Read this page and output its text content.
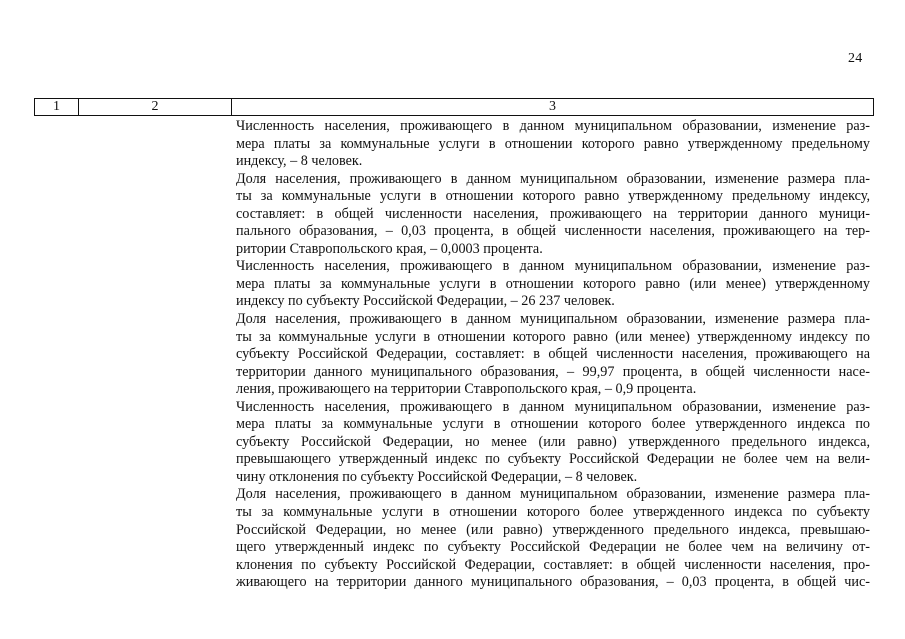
24
1	2	3

Численность населения, проживающего в данном муниципальном образовании, изменение раз-
мера платы за коммунальные услуги в отношении которого равно утвержденному предельному
индексу, – 8 человек.

Доля населения, проживающего в данном муниципальном образовании, изменение размера пла-
ты за коммунальные услуги в отношении которого равно утвержденному предельному индексу,
составляет: в общей численности населения, проживающего на территории данного муници-
пального образования, – 0,03 процента, в общей численности населения, проживающего на тер-
ритории Ставропольского края, – 0,0003 процента.

Численность населения, проживающего в данном муниципальном образовании, изменение раз-
мера платы за коммунальные услуги в отношении которого равно (или менее) утвержденному
индексу по субъекту Российской Федерации, – 26 237 человек.

Доля населения, проживающего в данном муниципальном образовании, изменение размера пла-
ты за коммунальные услуги в отношении которого равно (или менее) утвержденному индексу по
субъекту Российской Федерации, составляет: в общей численности населения, проживающего на
территории данного муниципального образования, – 99,97 процента, в общей численности насе-
ления, проживающего на территории Ставропольского края, – 0,9 процента.

Численность населения, проживающего в данном муниципальном образовании, изменение раз-
мера платы за коммунальные услуги в отношении которого более утвержденного индекса по
субъекту Российской Федерации, но менее (или равно) утвержденного предельного индекса,
превышающего утвержденный индекс по субъекту Российской Федерации не более чем на вели-
чину отклонения по субъекту Российской Федерации, – 8 человек.

Доля населения, проживающего в данном муниципальном образовании, изменение размера пла-
ты за коммунальные услуги в отношении которого более утвержденного индекса по субъекту
Российской Федерации, но менее (или равно) утвержденного предельного индекса, превышаю-
щего утвержденный индекс по субъекту Российской Федерации не более чем на величину от-
клонения по субъекту Российской Федерации, составляет: в общей численности населения, про-
живающего на территории данного муниципального образования, – 0,03 процента, в общей чис-
